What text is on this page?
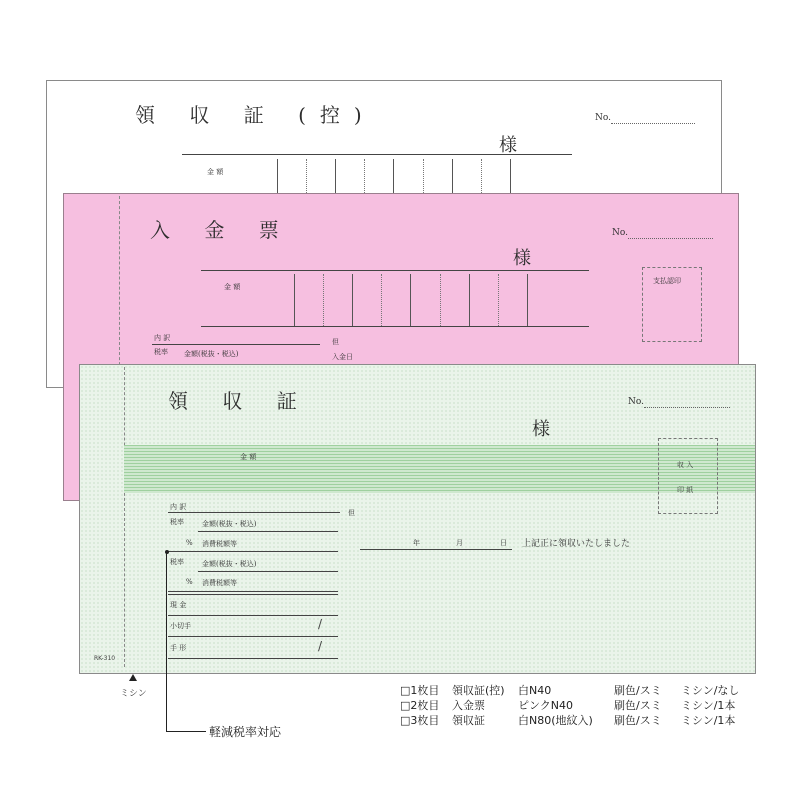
領 収 証 (控)	No.
様
金 額
入 金 票	No.
様
金 額
支払認印
内 訳
税率 金額(税抜・税込)
但
入金日
領 収 証	No.
様
金 額
収 入
印 紙
内 訳
但
税率	金額(税抜・税込)
% 消費税額等
税率	金額(税抜・税込)
% 消費税額等
現 金
小切手	/
手 形	/
年	月	日 上記正に領収いたしました
RK-310
軽減税率対応
ミシン	□1枚目 領収証(控) 白N40	刷色/スミ ミシン/なし
□2枚目 入金票	ピンクN40	刷色/スミ ミシン/1本
□3枚目 領収証	白N80(地紋入) 刷色/スミ ミシン/1本
